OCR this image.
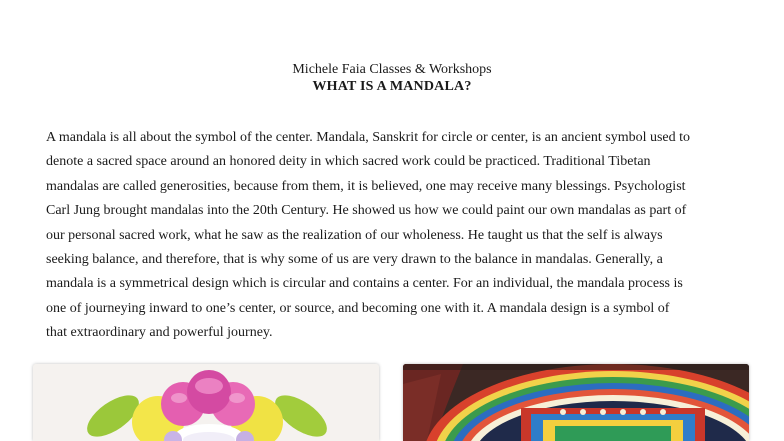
Michele Faia Classes & Workshops
WHAT IS A MANDALA?
A mandala is all about the symbol of the center. Mandala, Sanskrit for circle or center, is an ancient symbol used to
denote a sacred space around an honored deity in which sacred work could be practiced. Traditional Tibetan
mandalas are called generosities, because from them, it is believed, one may receive many blessings. Psychologist
Carl Jung brought mandalas into the 20th Century. He showed us how we could paint our own mandalas as part of
our personal sacred work, what he saw as the realization of our wholeness. He taught us that the self is always
seeking balance, and therefore, that is why some of us are very drawn to the balance in mandalas. Generally, a
mandala is a symmetrical design which is circular and contains a center. For an individual, the mandala process is
one of journeying inward to one’s center, or source, and becoming one with it. A mandala design is a symbol of
that extraordinary and powerful journey.
